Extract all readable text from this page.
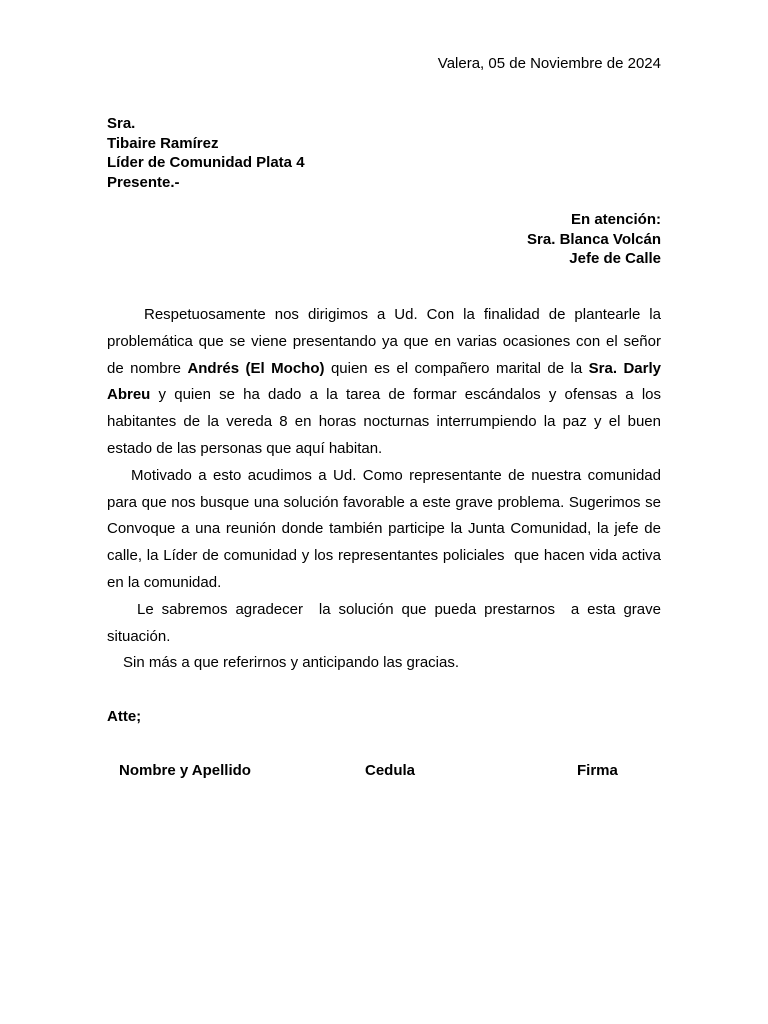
Valera, 05 de Noviembre de 2024
Sra.
Tibaire Ramírez
Líder de Comunidad Plata 4
Presente.-
En atención:
Sra. Blanca Volcán
Jefe de Calle

Respetuosamente nos dirigimos a Ud. Con la finalidad de plantearle la problemática que se viene presentando ya que en varias ocasiones con el señor de nombre Andrés (El Mocho) quien es el compañero marital de la Sra. Darly Abreu y quien se ha dado a la tarea de formar escándalos y ofensas a los habitantes de la vereda 8 en horas nocturnas interrumpiendo la paz y el buen estado de las personas que aquí habitan.

Motivado a esto acudimos a Ud. Como representante de nuestra comunidad para que nos busque una solución favorable a este grave problema. Sugerimos se Convoque a una reunión donde también participe la Junta Comunidad, la jefe de calle, la Líder de comunidad y los representantes policiales  que hacen vida activa en la comunidad.

Le sabremos agradecer  la solución que pueda prestarnos  a esta grave situación.

Sin más a que referirnos y anticipando las gracias.

Atte;
Nombre y Apellido	Cedula	Firma
